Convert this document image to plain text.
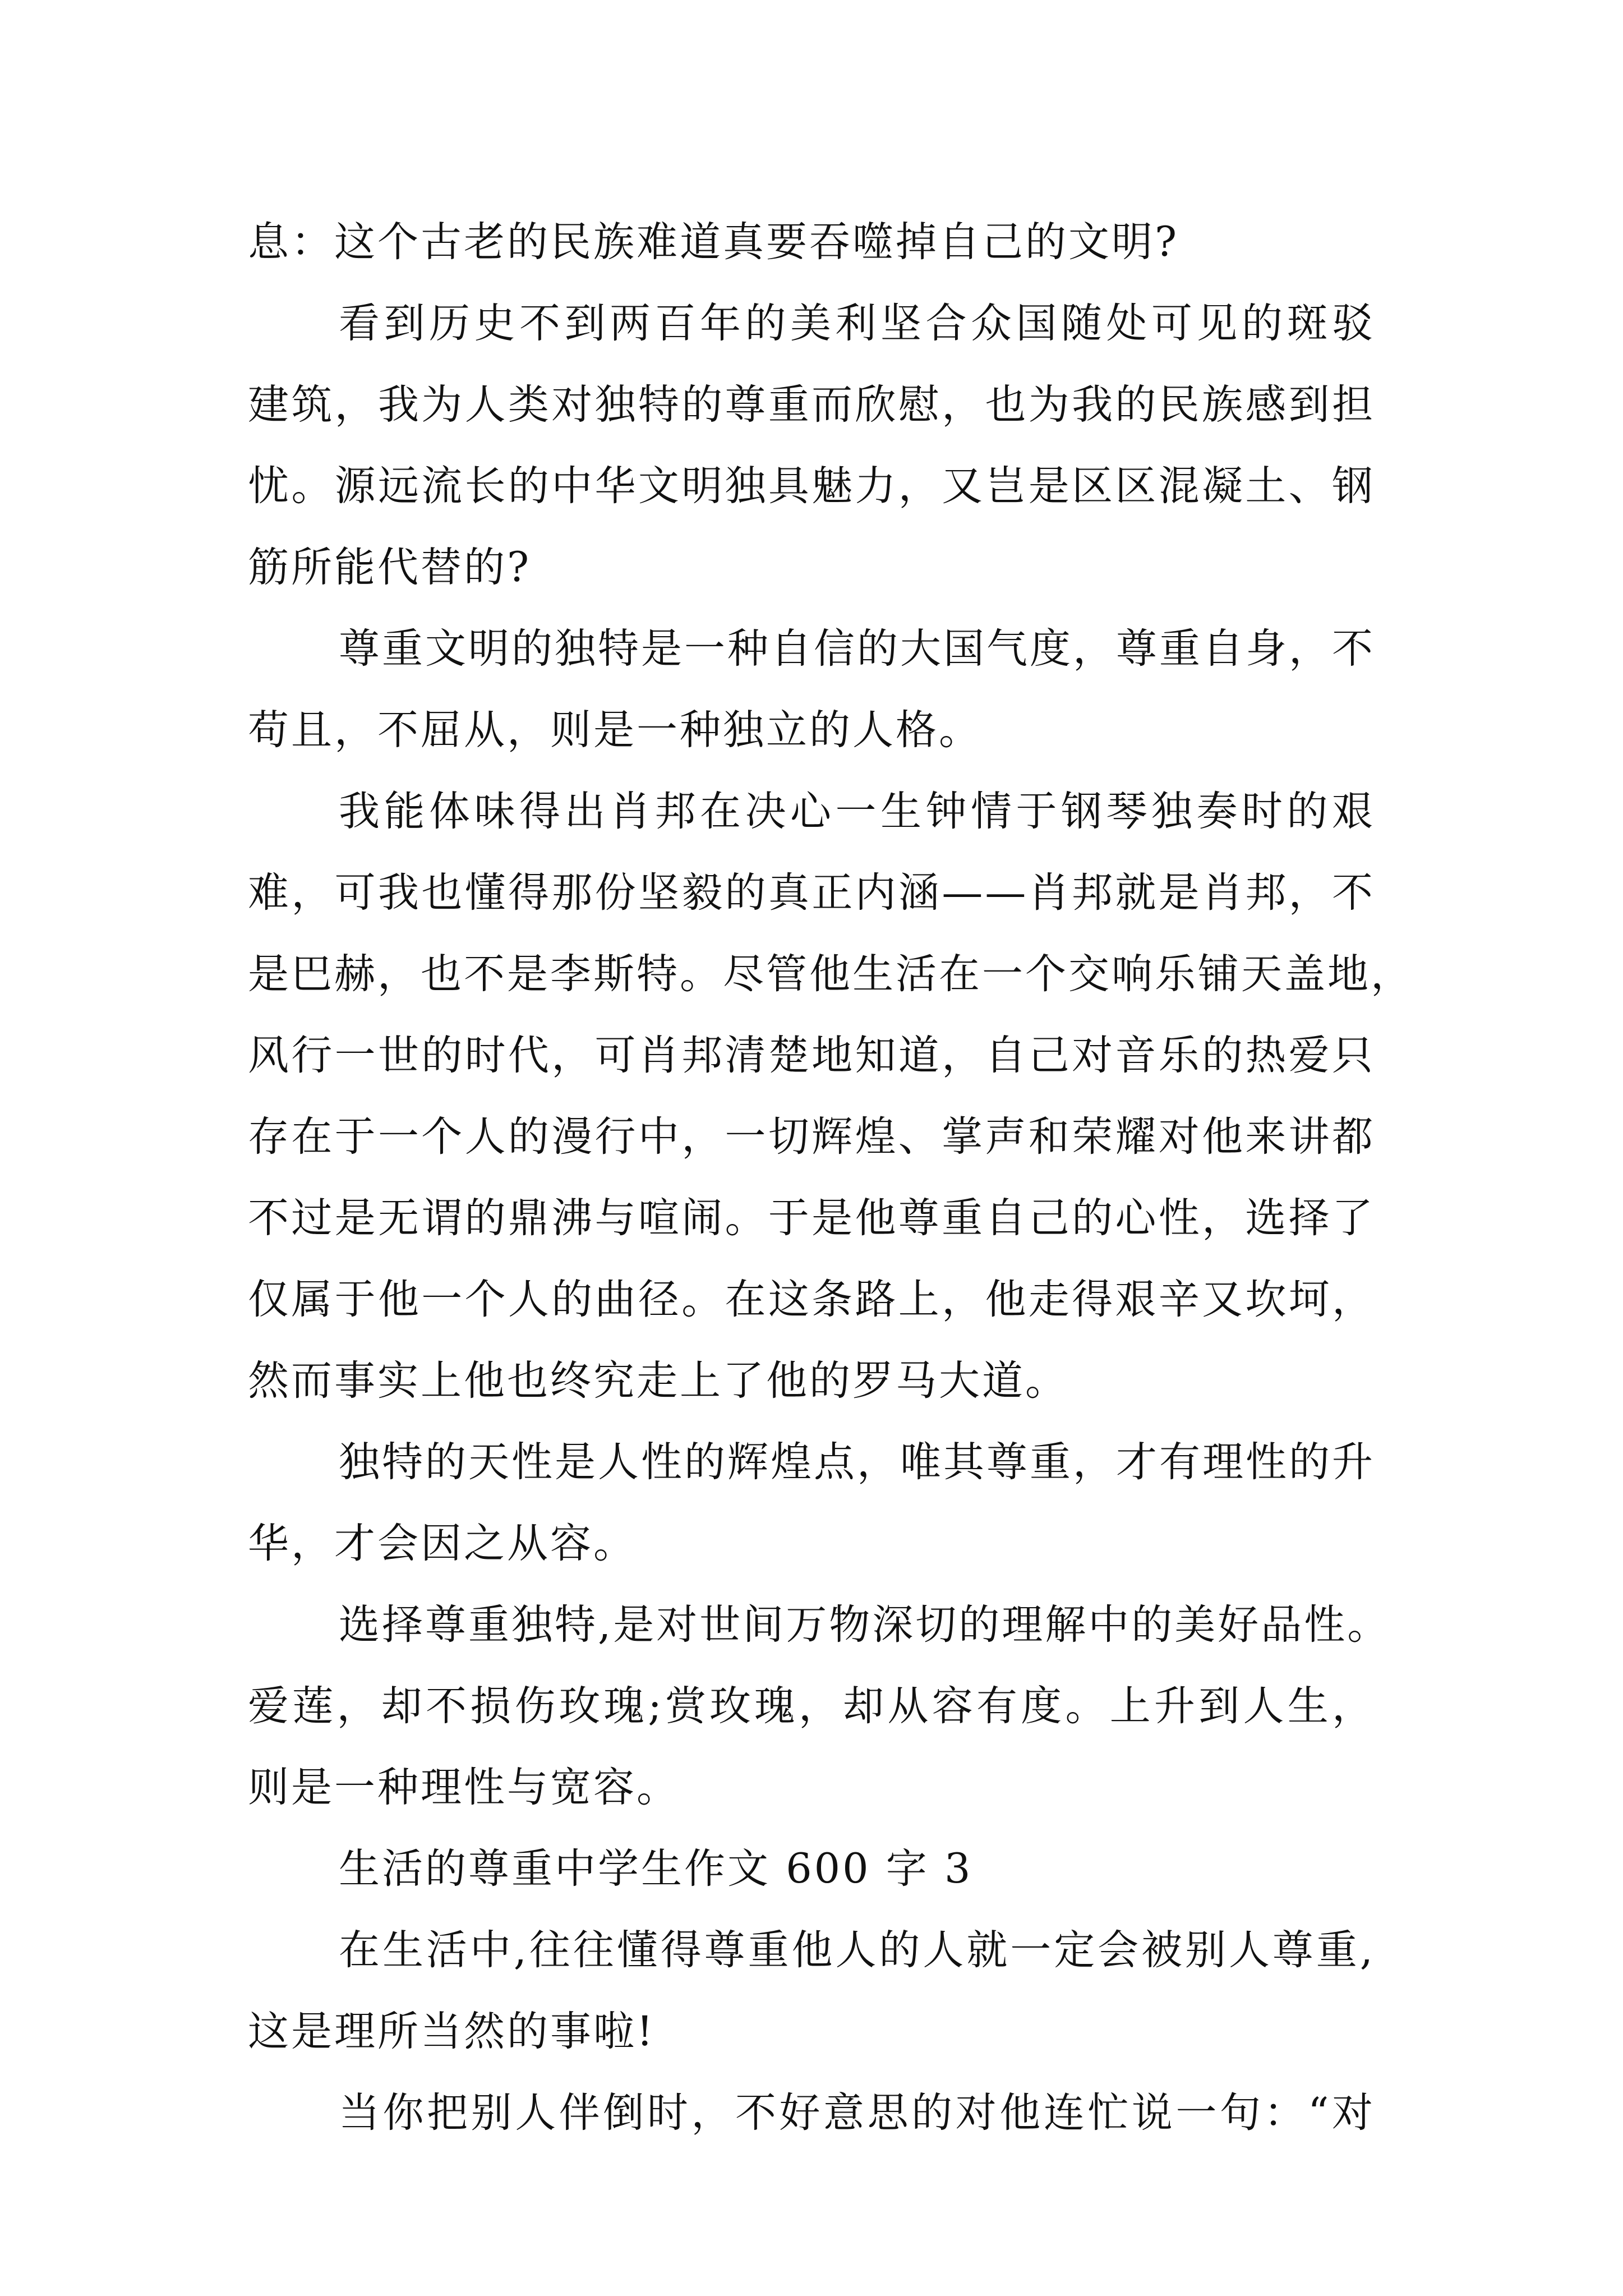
息：这个古老的民族难道真要吞噬掉自己的文明?
看到历史不到两百年的美利坚合众国随处可见的斑驳
建筑，我为人类对独特的尊重而欣慰，也为我的民族感到担
忧。源远流长的中华文明独具魅力，又岂是区区混凝土、钢
筋所能代替的?
尊重文明的独特是一种自信的大国气度，尊重自身，不
苟且，不屈从，则是一种独立的人格。
我能体味得出肖邦在决心一生钟情于钢琴独奏时的艰
难，可我也懂得那份坚毅的真正内涵——肖邦就是肖邦，不
是巴赫，也不是李斯特。尽管他生活在一个交响乐铺天盖地，
风行一世的时代，可肖邦清楚地知道，自己对音乐的热爱只
存在于一个人的漫行中，一切辉煌、掌声和荣耀对他来讲都
不过是无谓的鼎沸与喧闹。于是他尊重自己的心性，选择了
仅属于他一个人的曲径。在这条路上，他走得艰辛又坎坷，
然而事实上他也终究走上了他的罗马大道。
独特的天性是人性的辉煌点，唯其尊重，才有理性的升
华，才会因之从容。
选择尊重独特,是对世间万物深切的理解中的美好品性。
爱莲，却不损伤玫瑰;赏玫瑰，却从容有度。上升到人生，
则是一种理性与宽容。
生活的尊重中学生作文 600 字 3
在生活中,往往懂得尊重他人的人就一定会被别人尊重,
这是理所当然的事啦!
当你把别人伴倒时，不好意思的对他连忙说一句：“对
